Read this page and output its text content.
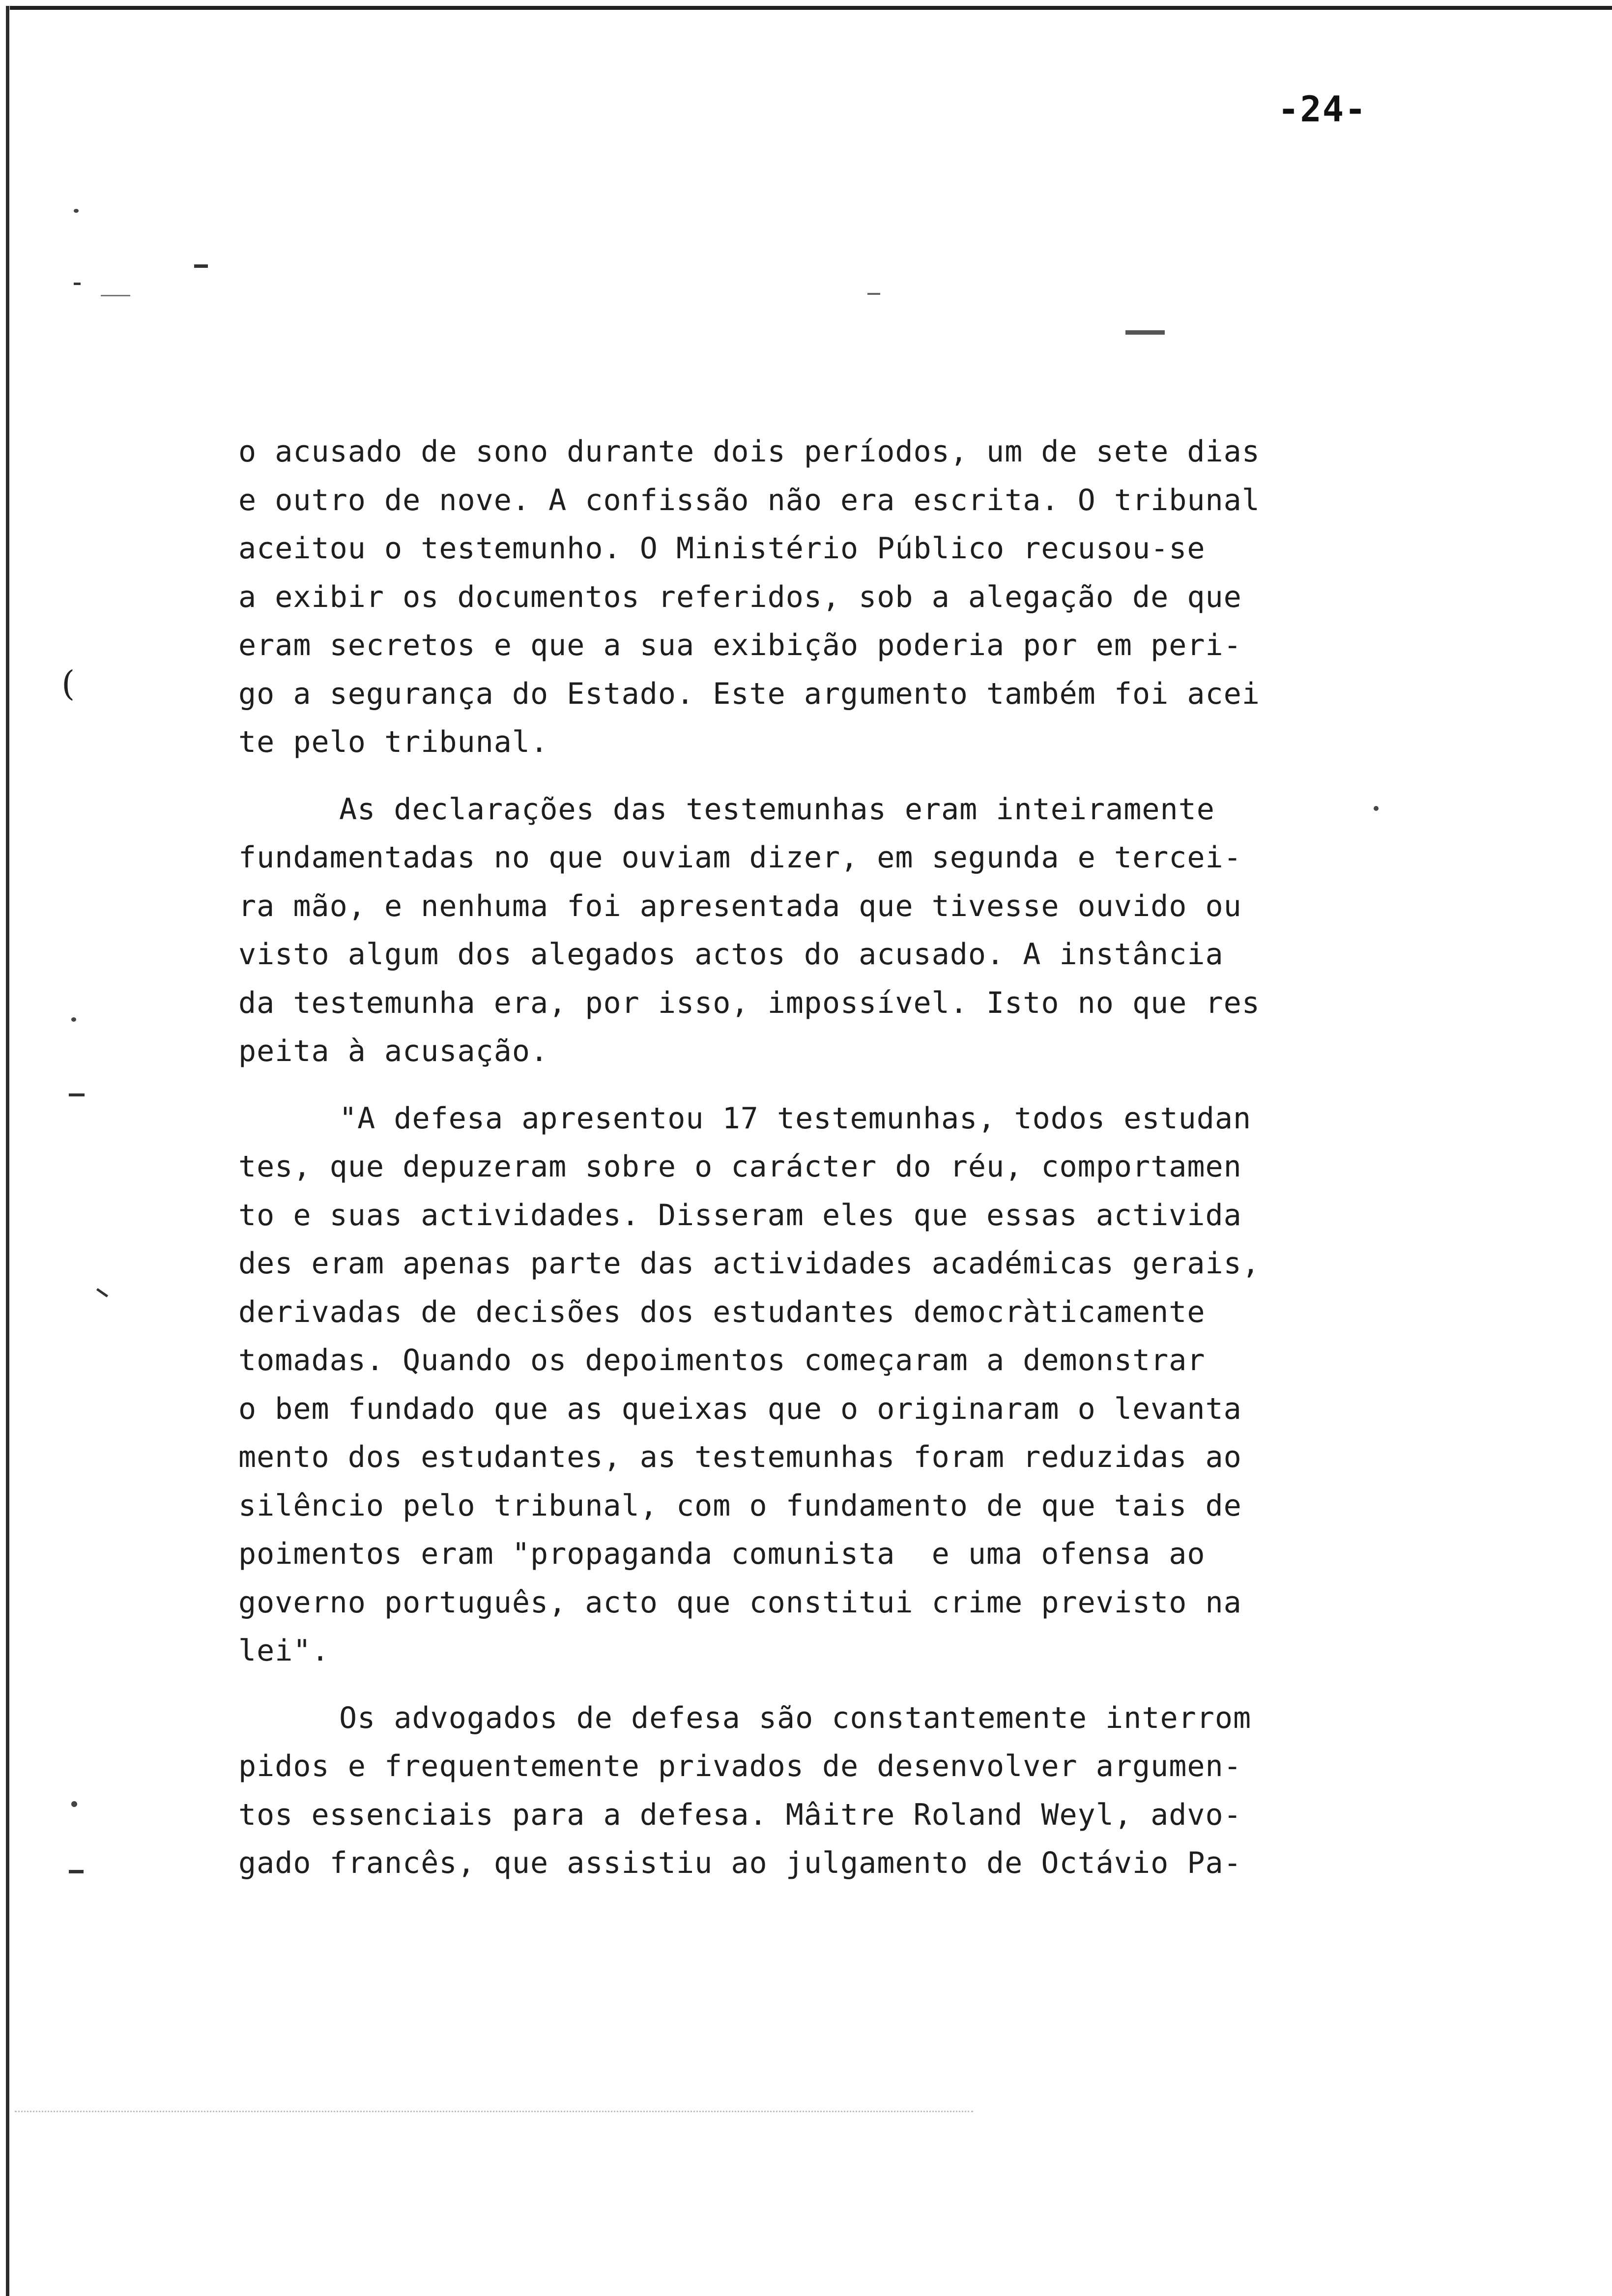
(
-24-

o acusado de sono durante dois períodos, um de sete dias
e outro de nove. A confissão não era escrita. O tribunal
aceitou o testemunho. O Ministério Público recusou-se
a exibir os documentos referidos, sob a alegação de que
eram secretos e que a sua exibição poderia por em peri-
go a segurança do Estado. Este argumento também foi acei
te pelo tribunal.

As declarações das testemunhas eram inteiramente
fundamentadas no que ouviam dizer, em segunda e tercei-
ra mão, e nenhuma foi apresentada que tivesse ouvido ou
visto algum dos alegados actos do acusado. A instância
da testemunha era, por isso, impossível. Isto no que res
peita à acusação.

"A defesa apresentou 17 testemunhas, todos estudan
tes, que depuzeram sobre o carácter do réu, comportamen
to e suas actividades. Disseram eles que essas activida
des eram apenas parte das actividades académicas gerais,
derivadas de decisões dos estudantes democràticamente
tomadas. Quando os depoimentos começaram a demonstrar
o bem fundado que as queixas que o originaram o levanta
mento dos estudantes, as testemunhas foram reduzidas ao
silêncio pelo tribunal, com o fundamento de que tais de
poimentos eram "propaganda comunista  e uma ofensa ao
governo português, acto que constitui crime previsto na
lei".

Os advogados de defesa são constantemente interrom
pidos e frequentemente privados de desenvolver argumen-
tos essenciais para a defesa. Mâitre Roland Weyl, advo-
gado francês, que assistiu ao julgamento de Octávio Pa-
